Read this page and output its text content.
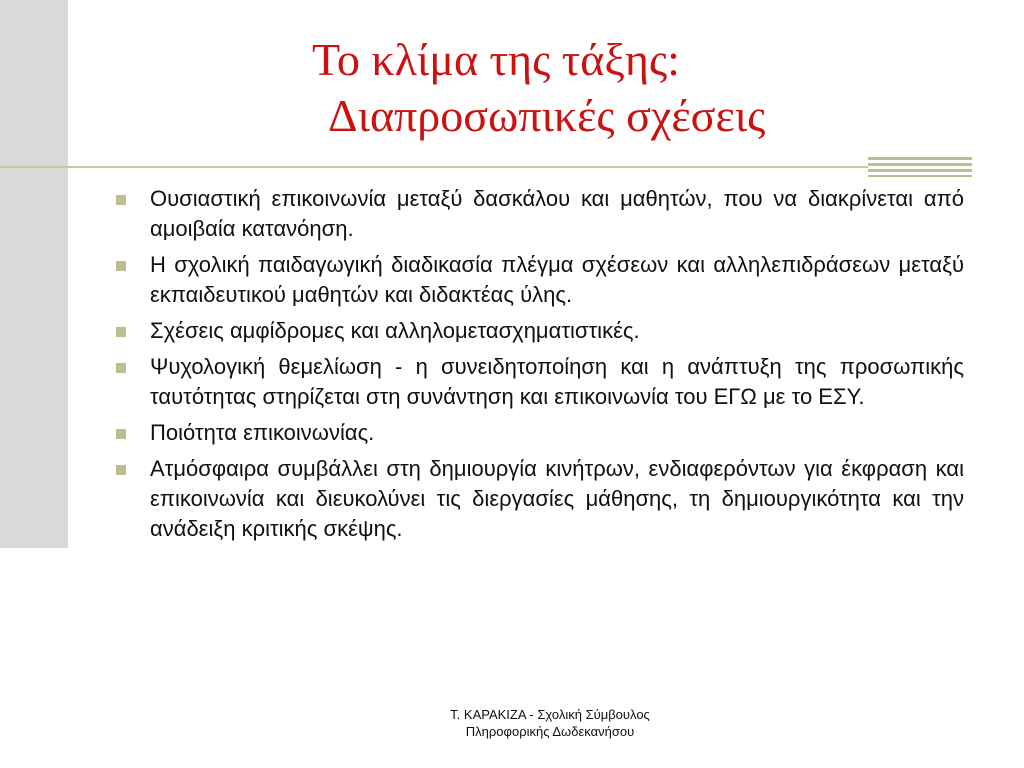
Το κλίμα της τάξης:
Διαπροσωπικές σχέσεις
Ουσιαστική επικοινωνία μεταξύ δασκάλου και μαθητών, που να διακρίνεται από αμοιβαία κατανόηση.
Η σχολική παιδαγωγική διαδικασία πλέγμα σχέσεων και αλληλεπιδράσεων μεταξύ εκπαιδευτικού μαθητών και διδακτέας ύλης.
Σχέσεις αμφίδρομες και αλληλομετασχηματιστικές.
Ψυχολογική θεμελίωση - η συνειδητοποίηση και η ανάπτυξη της προσωπικής ταυτότητας στηρίζεται στη συνάντηση και επικοινωνία του ΕΓΩ με το ΕΣΥ.
Ποιότητα επικοινωνίας.
Ατμόσφαιρα συμβάλλει στη δημιουργία κινήτρων, ενδιαφερόντων για έκφραση και επικοινωνία και διευκολύνει τις διεργασίες μάθησης, τη δημιουργικότητα και την ανάδειξη κριτικής σκέψης.
Τ. ΚΑΡΑΚΙΖΑ - Σχολική Σύμβουλος
Πληροφορικής Δωδεκανήσου
